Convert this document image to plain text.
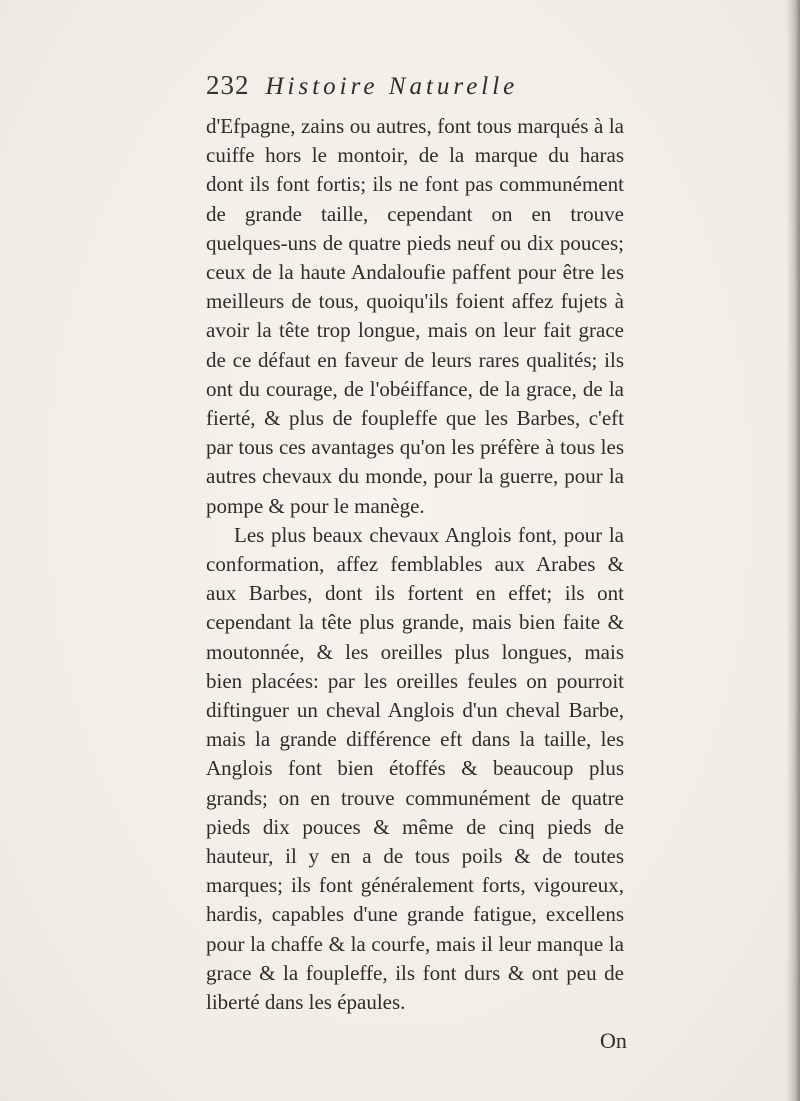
232 Histoire Naturelle

d'Efpagne, zains ou autres, font tous marqués à la cuiffe hors le montoir, de la marque du haras dont ils font fortis; ils ne font pas communément de grande taille, cependant on en trouve quelques-uns de quatre pieds neuf ou dix pouces; ceux de la haute Andaloufie paffent pour être les meilleurs de tous, quoiqu'ils foient affez fujets à avoir la tête trop longue, mais on leur fait grace de ce défaut en faveur de leurs rares qualités; ils ont du courage, de l'obéiffance, de la grace, de la fierté, & plus de foupleffe que les Barbes, c'eft par tous ces avantages qu'on les préfère à tous les autres chevaux du monde, pour la guerre, pour la pompe & pour le manège.

Les plus beaux chevaux Anglois font, pour la conformation, affez femblables aux Arabes & aux Barbes, dont ils fortent en effet; ils ont cependant la tête plus grande, mais bien faite & moutonnée, & les oreilles plus longues, mais bien placées: par les oreilles feules on pourroit diftinguer un cheval Anglois d'un cheval Barbe, mais la grande différence eft dans la taille, les Anglois font bien étoffés & beaucoup plus grands; on en trouve communément de quatre pieds dix pouces & même de cinq pieds de hauteur, il y en a de tous poils & de toutes marques; ils font généralement forts, vigoureux, hardis, capables d'une grande fatigue, excellens pour la chaffe & la courfe, mais il leur manque la grace & la foupleffe, ils font durs & ont peu de liberté dans les épaules.

On
